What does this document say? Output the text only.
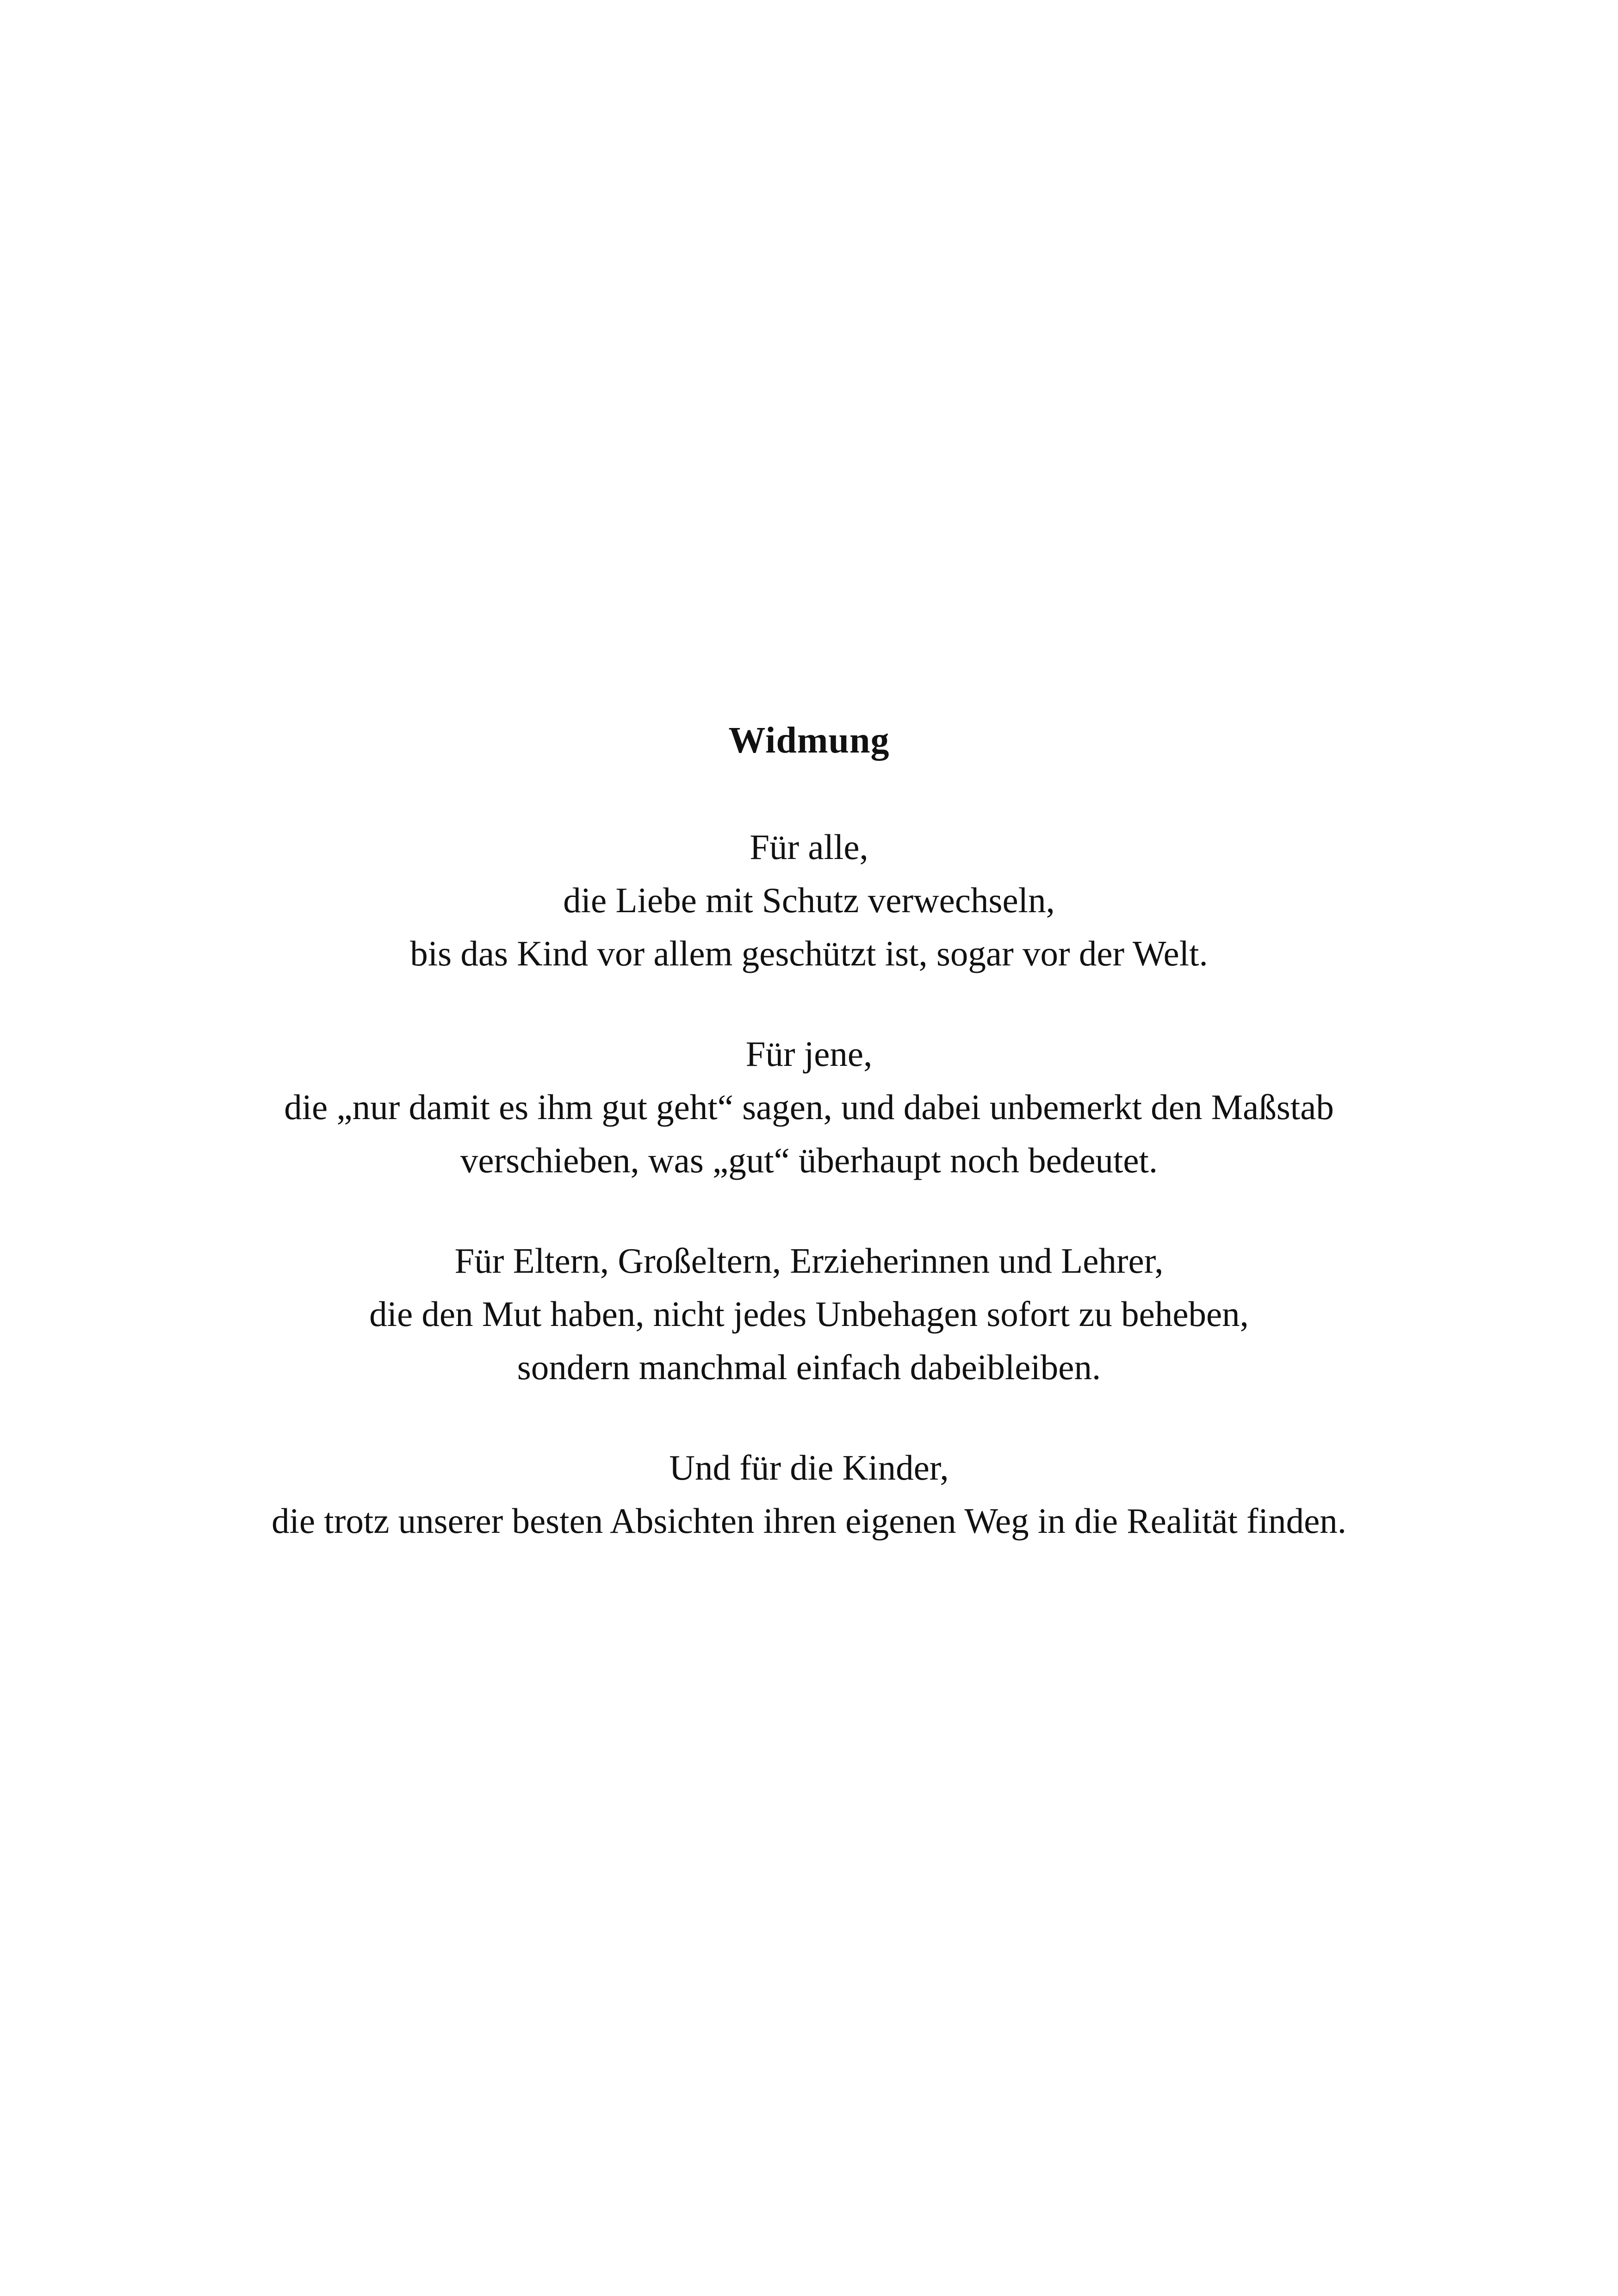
Widmung

Für alle,
die Liebe mit Schutz verwechseln,
bis das Kind vor allem geschützt ist, sogar vor der Welt.

Für jene,
die „nur damit es ihm gut geht“ sagen, und dabei unbemerkt den Maßstab
verschieben, was „gut“ überhaupt noch bedeutet.

Für Eltern, Großeltern, Erzieherinnen und Lehrer,
die den Mut haben, nicht jedes Unbehagen sofort zu beheben,
sondern manchmal einfach dabeibleiben.

Und für die Kinder,
die trotz unserer besten Absichten ihren eigenen Weg in die Realität finden.
